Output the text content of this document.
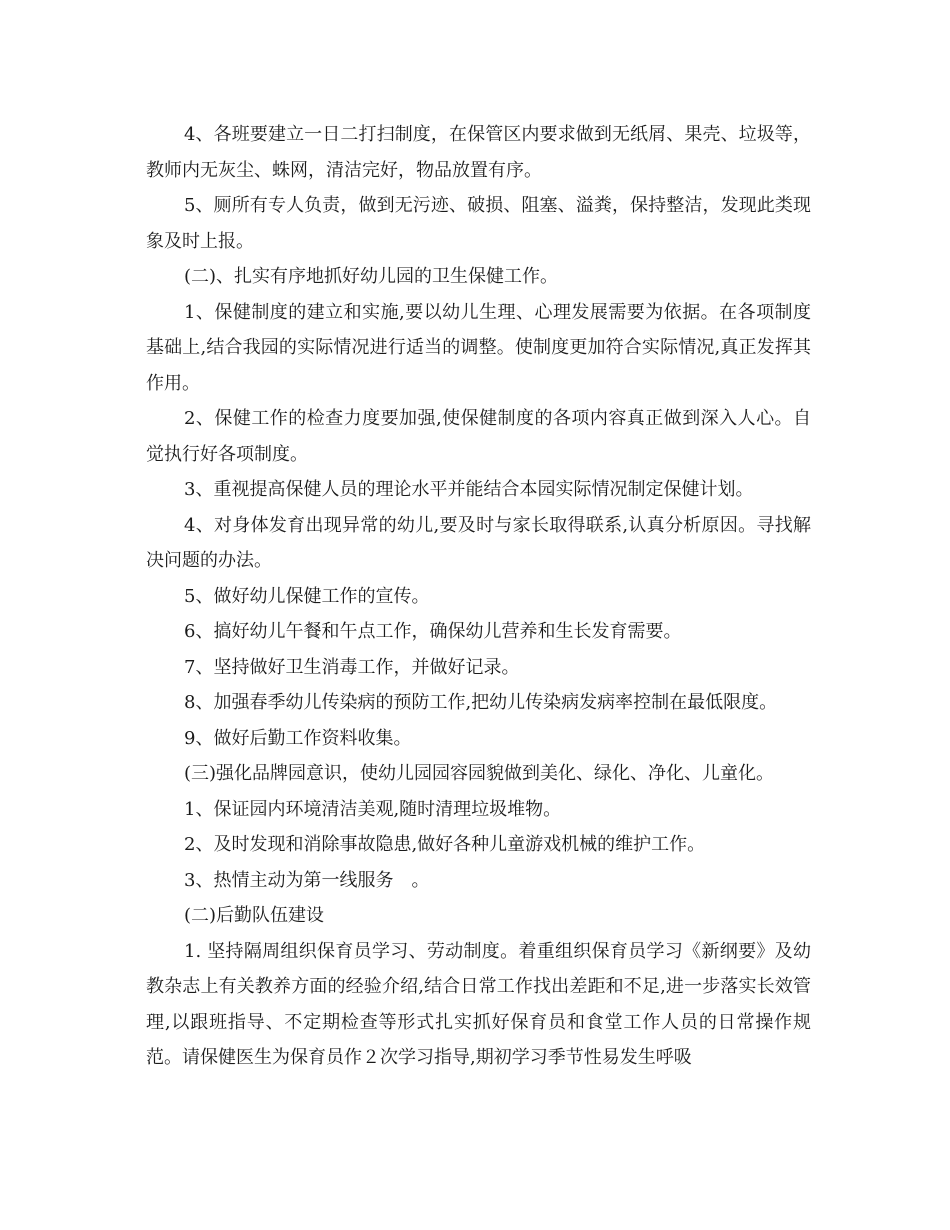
4、各班要建立一日二打扫制度，在保管区内要求做到无纸屑、果壳、垃圾等，教师内无灰尘、蛛网，清洁完好，物品放置有序。

5、厕所有专人负责，做到无污迹、破损、阻塞、溢粪，保持整洁，发现此类现象及时上报。

(二)、扎实有序地抓好幼儿园的卫生保健工作。

1、保健制度的建立和实施,要以幼儿生理、心理发展需要为依据。在各项制度基础上,结合我园的实际情况进行适当的调整。使制度更加符合实际情况,真正发挥其作用。

2、保健工作的检查力度要加强,使保健制度的各项内容真正做到深入人心。自觉执行好各项制度。

3、重视提高保健人员的理论水平并能结合本园实际情况制定保健计划。

4、对身体发育出现异常的幼儿,要及时与家长取得联系,认真分析原因。寻找解决问题的办法。

5、做好幼儿保健工作的宣传。

6、搞好幼儿午餐和午点工作，确保幼儿营养和生长发育需要。

7、坚持做好卫生消毒工作，并做好记录。

8、加强春季幼儿传染病的预防工作,把幼儿传染病发病率控制在最低限度。

9、做好后勤工作资料收集。

(三)强化品牌园意识，使幼儿园园容园貌做到美化、绿化、净化、儿童化。

1、保证园内环境清洁美观,随时清理垃圾堆物。

2、及时发现和消除事故隐患,做好各种儿童游戏机械的维护工作。

3、热情主动为第一线服务　。

(二)后勤队伍建设

1. 坚持隔周组织保育员学习、劳动制度。着重组织保育员学习《新纲要》及幼教杂志上有关教养方面的经验介绍,结合日常工作找出差距和不足,进一步落实长效管理,以跟班指导、不定期检查等形式扎实抓好保育员和食堂工作人员的日常操作规范。请保健医生为保育员作２次学习指导,期初学习季节性易发生呼吸
